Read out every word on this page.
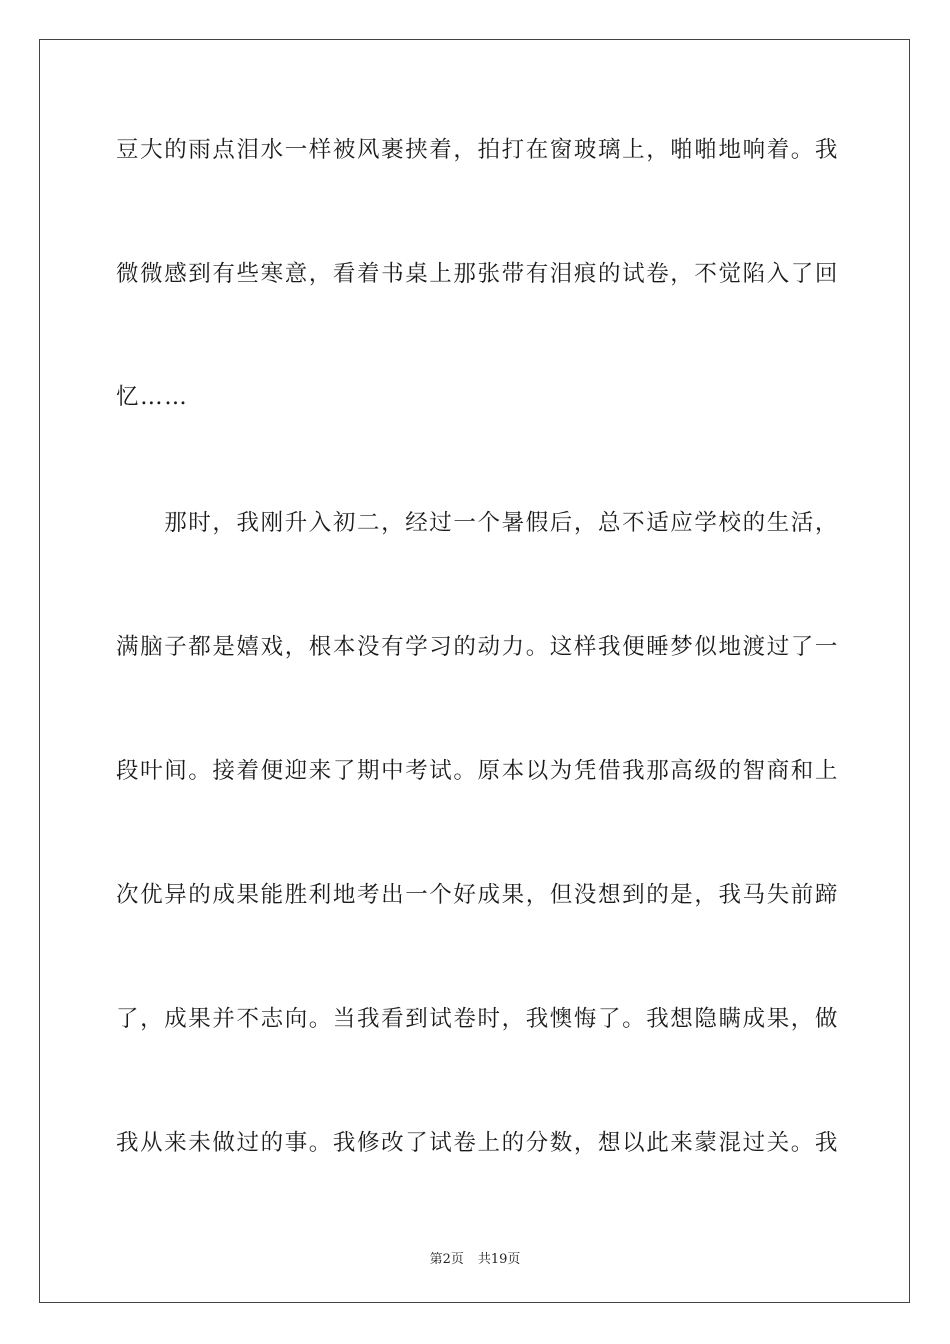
豆大的雨点泪水一样被风裹挟着，拍打在窗玻璃上，啪啪地响着。我

微微感到有些寒意，看着书桌上那张带有泪痕的试卷，不觉陷入了回

忆……

　　那时，我刚升入初二，经过一个暑假后，总不适应学校的生活，

满脑子都是嬉戏，根本没有学习的动力。这样我便睡梦似地渡过了一

段叶间。接着便迎来了期中考试。原本以为凭借我那高级的智商和上

次优异的成果能胜利地考出一个好成果，但没想到的是，我马失前蹄

了，成果并不志向。当我看到试卷时，我懊悔了。我想隐瞒成果，做

我从来未做过的事。我修改了试卷上的分数，想以此来蒙混过关。我

第2页 共19页
